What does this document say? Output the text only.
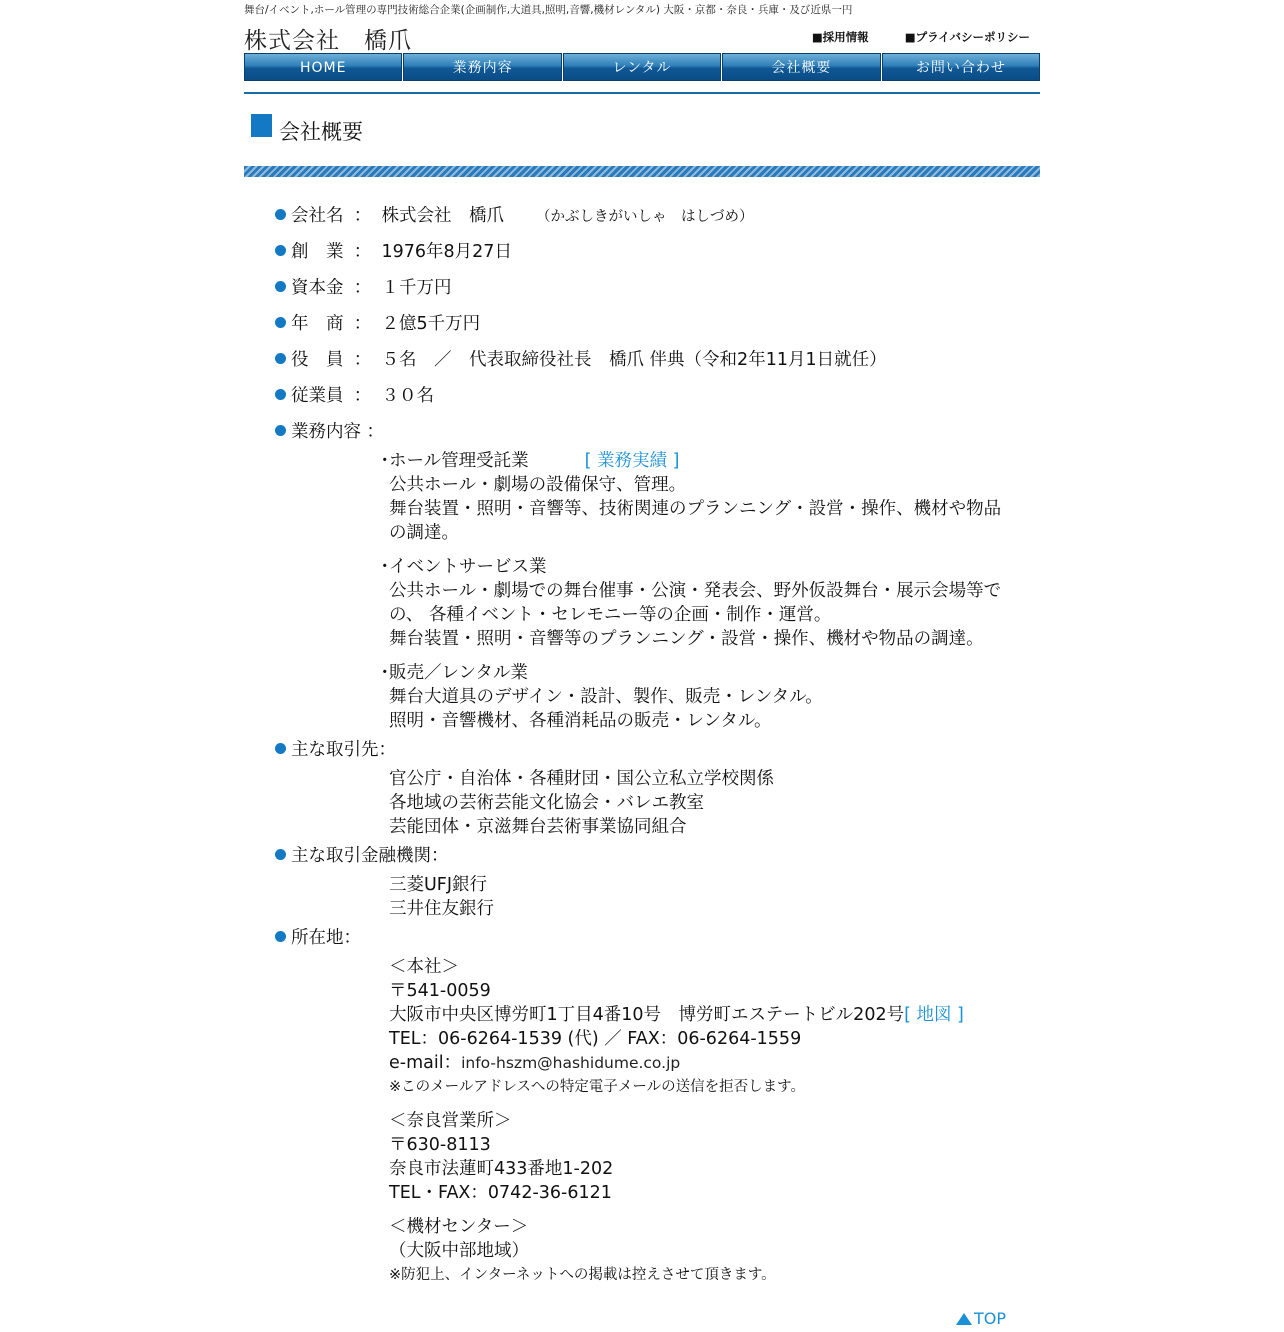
舞台/イベント,ホール管理の専門技術総合企業(企画制作,大道具,照明,音響,機材レンタル) 大阪・京都・奈良・兵庫・及び近県一円
株式会社　橋爪	■採用情報	■プライバシーポリシー
HOME	業務内容	レンタル	会社概要	お問い合わせ
会社概要
会社名 ： 株式会社　橋爪 （かぶしきがいしゃ　はしづめ）
創　業 ： 1976年8月27日
資本金 ： １千万円
年　商 ： ２億5千万円
役　員 ： ５名　／　代表取締役社長　橋爪 伴典（令和2年11月1日就任）
従業員 ： ３０名
業務内容 ：
・
ホール管理受託業	[ 業務実績 ]
公共ホール・劇場の設備保守、管理。
舞台装置・照明・音響等、技術関連のプランニング・設営・操作、機材や物品
の調達。
・
イベントサービス業
公共ホール・劇場での舞台催事・公演・発表会、野外仮設舞台・展示会場等で
の、 各種イベント・セレモニー等の企画・制作・運営。
舞台装置・照明・音響等のプランニング・設営・操作、機材や物品の調達。
・
販売／レンタル業
舞台大道具のデザイン・設計、製作、販売・レンタル。
照明・音響機材、各種消耗品の販売・レンタル。
主な取引先：
官公庁・自治体・各種財団・国公立私立学校関係
各地域の芸術芸能文化協会・バレエ教室
芸能団体・京滋舞台芸術事業協同組合
主な取引金融機関：
三菱UFJ銀行
三井住友銀行
所在地：
＜本社＞
〒541-0059
大阪市中央区博労町1丁目4番10号　博労町エステートビル202号[ 地図 ]
TEL：06-6264-1539 (代) ／ FAX：06-6264-1559
e-mail：info-hszm@hashidume.co.jp
※このメールアドレスへの特定電子メールの送信を拒否します。
＜奈良営業所＞
〒630-8113
奈良市法蓮町433番地1-202
TEL・FAX：0742-36-6121
＜機材センター＞
（大阪中部地域）
※防犯上、インターネットへの掲載は控えさせて頂きます。
TOP
